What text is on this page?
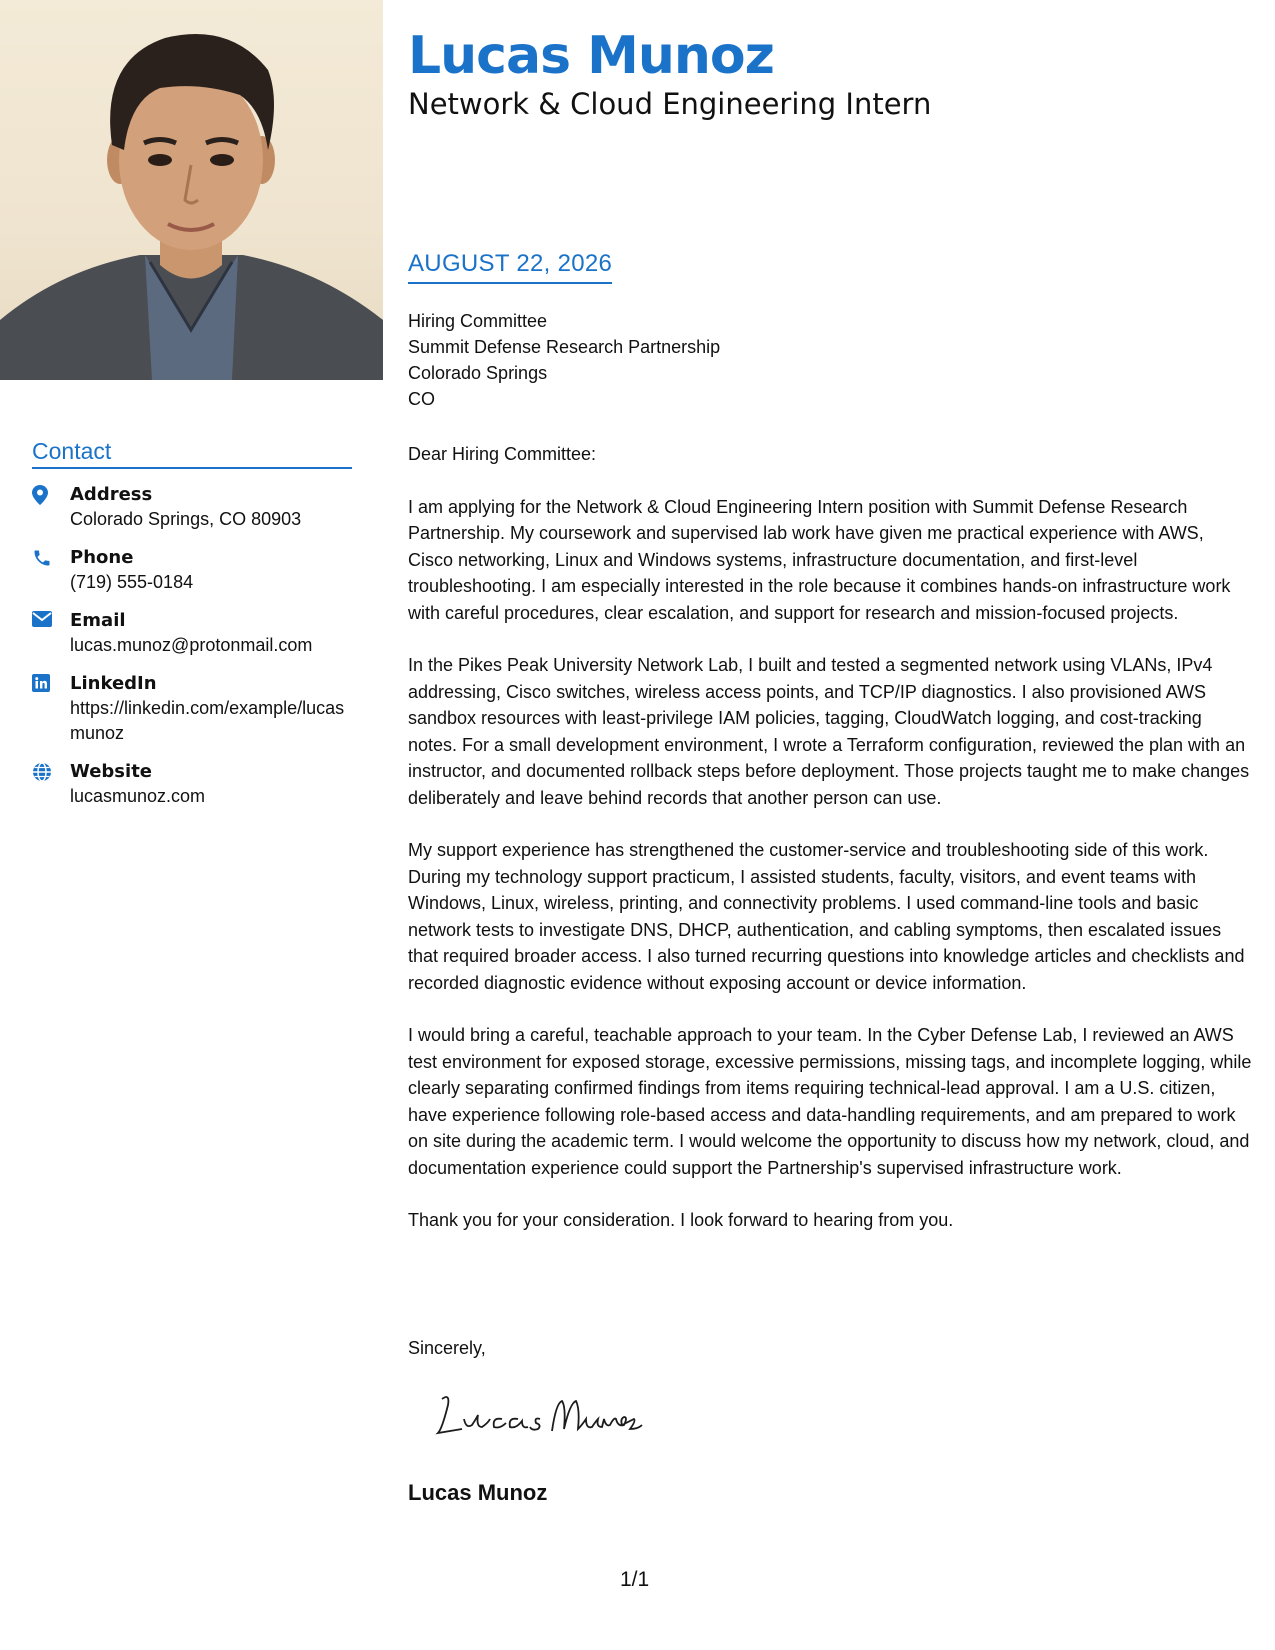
Lucas Munoz

Network & Cloud Engineering Intern

Contact
Address
Colorado Springs, CO 80903
Phone
(719) 555-0184
Email
lucas.munoz@protonmail.com
LinkedIn
https://linkedin.com/example/lucasmunoz
Website
lucasmunoz.com
AUGUST 22, 2026
Hiring Committee
Summit Defense Research Partnership
Colorado Springs
CO

Dear Hiring Committee:

I am applying for the Network & Cloud Engineering Intern position with Summit Defense Research Partnership. My coursework and supervised lab work have given me practical experience with AWS, Cisco networking, Linux and Windows systems, infrastructure documentation, and first-level troubleshooting. I am especially interested in the role because it combines hands-on infrastructure work with careful procedures, clear escalation, and support for research and mission-focused projects.

In the Pikes Peak University Network Lab, I built and tested a segmented network using VLANs, IPv4 addressing, Cisco switches, wireless access points, and TCP/IP diagnostics. I also provisioned AWS sandbox resources with least-privilege IAM policies, tagging, CloudWatch logging, and cost-tracking notes. For a small development environment, I wrote a Terraform configuration, reviewed the plan with an instructor, and documented rollback steps before deployment. Those projects taught me to make changes deliberately and leave behind records that another person can use.

My support experience has strengthened the customer-service and troubleshooting side of this work. During my technology support practicum, I assisted students, faculty, visitors, and event teams with Windows, Linux, wireless, printing, and connectivity problems. I used command-line tools and basic network tests to investigate DNS, DHCP, authentication, and cabling symptoms, then escalated issues that required broader access. I also turned recurring questions into knowledge articles and checklists and recorded diagnostic evidence without exposing account or device information.

I would bring a careful, teachable approach to your team. In the Cyber Defense Lab, I reviewed an AWS test environment for exposed storage, excessive permissions, missing tags, and incomplete logging, while clearly separating confirmed findings from items requiring technical-lead approval. I am a U.S. citizen, have experience following role-based access and data-handling requirements, and am prepared to work on site during the academic term. I would welcome the opportunity to discuss how my network, cloud, and documentation experience could support the Partnership's supervised infrastructure work.

Thank you for your consideration. I look forward to hearing from you.

Sincerely,
Lucas Munoz
1/1
